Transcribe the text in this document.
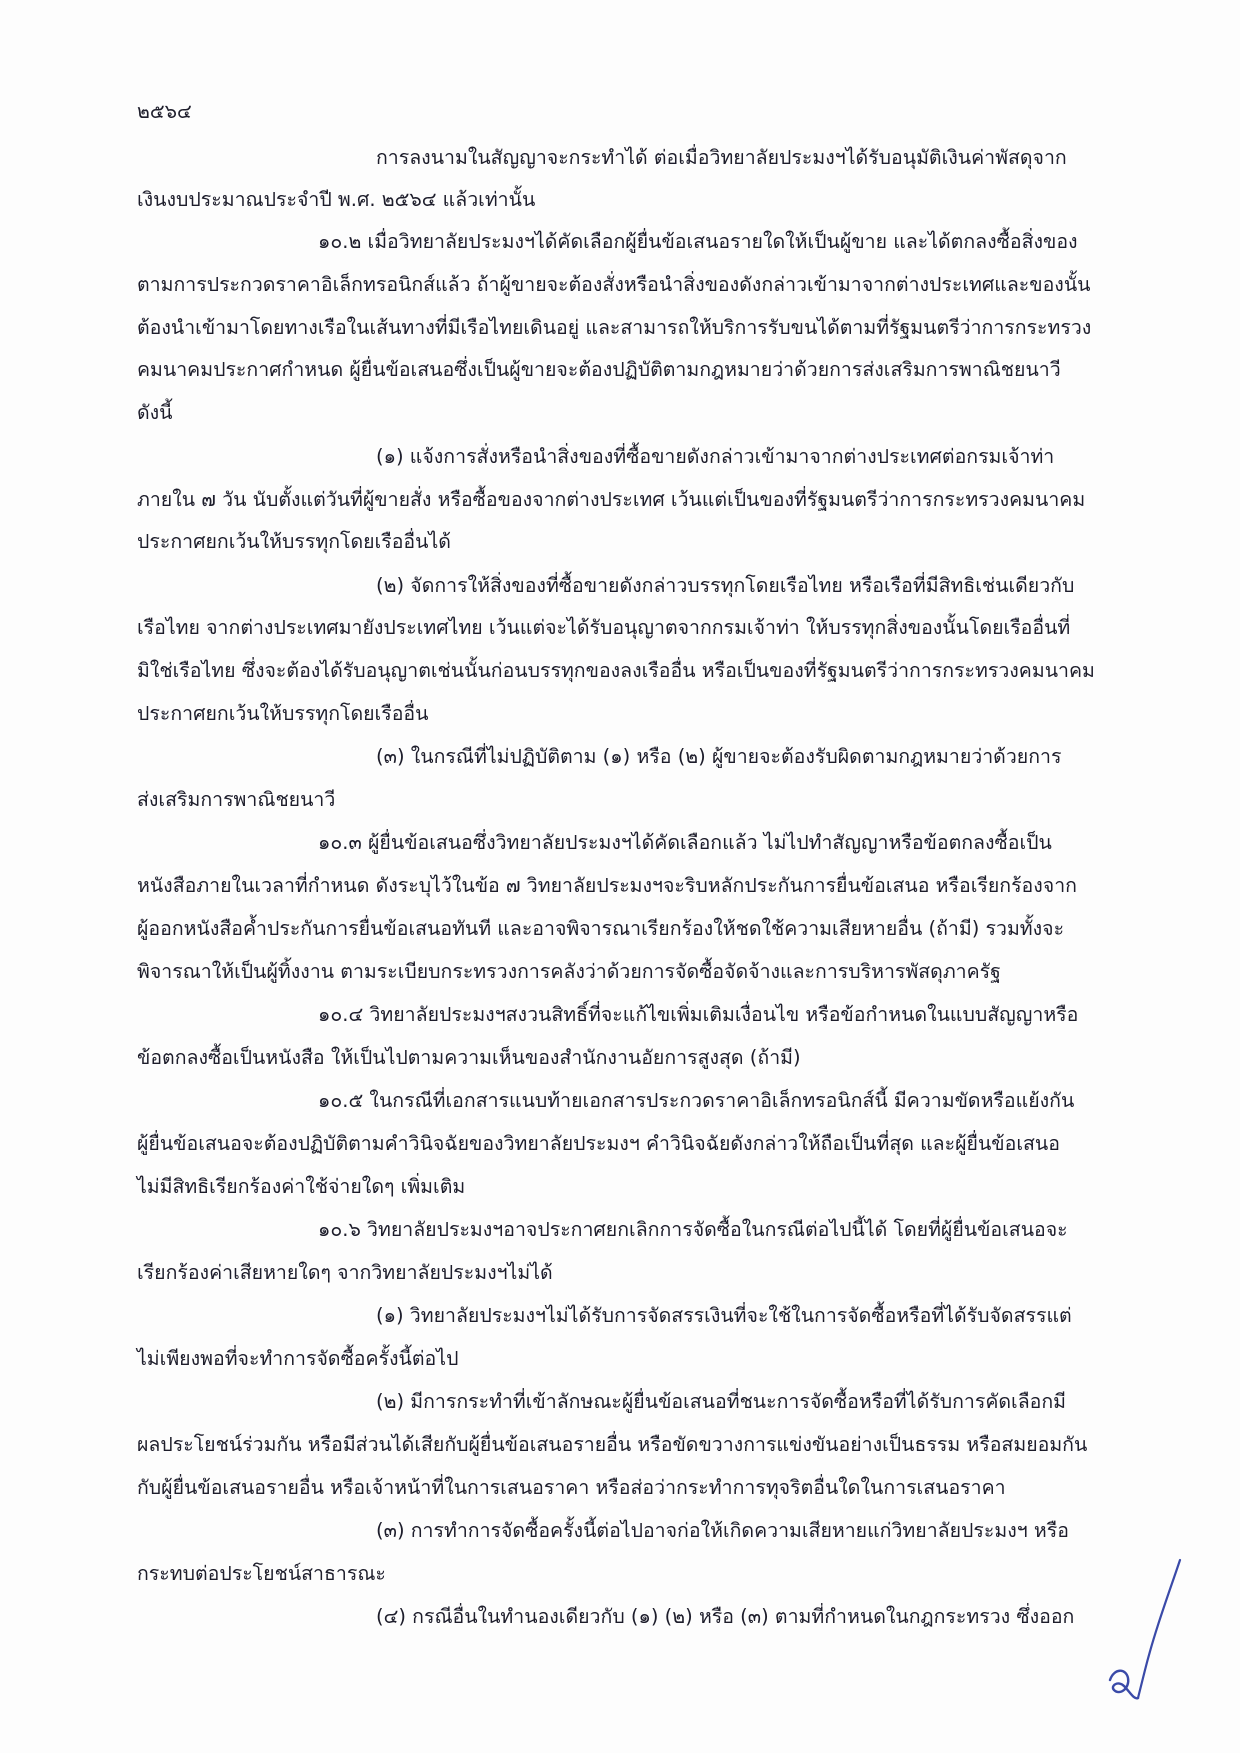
๒๕๖๔
การลงนามในสัญญาจะกระทำได้ ต่อเมื่อวิทยาลัยประมงฯได้รับอนุมัติเงินค่าพัสดุจาก
เงินงบประมาณประจำปี พ.ศ. ๒๕๖๔ แล้วเท่านั้น
๑๐.๒ เมื่อวิทยาลัยประมงฯได้คัดเลือกผู้ยื่นข้อเสนอรายใดให้เป็นผู้ขาย และได้ตกลงซื้อสิ่งของ
ตามการประกวดราคาอิเล็กทรอนิกส์แล้ว ถ้าผู้ขายจะต้องสั่งหรือนำสิ่งของดังกล่าวเข้ามาจากต่างประเทศและของนั้น
ต้องนำเข้ามาโดยทางเรือในเส้นทางที่มีเรือไทยเดินอยู่ และสามารถให้บริการรับขนได้ตามที่รัฐมนตรีว่าการกระทรวง
คมนาคมประกาศกำหนด ผู้ยื่นข้อเสนอซึ่งเป็นผู้ขายจะต้องปฏิบัติตามกฎหมายว่าด้วยการส่งเสริมการพาณิชยนาวี
ดังนี้
(๑) แจ้งการสั่งหรือนำสิ่งของที่ซื้อขายดังกล่าวเข้ามาจากต่างประเทศต่อกรมเจ้าท่า
ภายใน ๗ วัน นับตั้งแต่วันที่ผู้ขายสั่ง หรือซื้อของจากต่างประเทศ เว้นแต่เป็นของที่รัฐมนตรีว่าการกระทรวงคมนาคม
ประกาศยกเว้นให้บรรทุกโดยเรืออื่นได้
(๒) จัดการให้สิ่งของที่ซื้อขายดังกล่าวบรรทุกโดยเรือไทย หรือเรือที่มีสิทธิเช่นเดียวกับ
เรือไทย จากต่างประเทศมายังประเทศไทย เว้นแต่จะได้รับอนุญาตจากกรมเจ้าท่า ให้บรรทุกสิ่งของนั้นโดยเรืออื่นที่
มิใช่เรือไทย ซึ่งจะต้องได้รับอนุญาตเช่นนั้นก่อนบรรทุกของลงเรืออื่น หรือเป็นของที่รัฐมนตรีว่าการกระทรวงคมนาคม
ประกาศยกเว้นให้บรรทุกโดยเรืออื่น
(๓) ในกรณีที่ไม่ปฏิบัติตาม (๑) หรือ (๒) ผู้ขายจะต้องรับผิดตามกฎหมายว่าด้วยการ
ส่งเสริมการพาณิชยนาวี
๑๐.๓ ผู้ยื่นข้อเสนอซึ่งวิทยาลัยประมงฯได้คัดเลือกแล้ว ไม่ไปทำสัญญาหรือข้อตกลงซื้อเป็น
หนังสือภายในเวลาที่กำหนด ดังระบุไว้ในข้อ ๗ วิทยาลัยประมงฯจะริบหลักประกันการยื่นข้อเสนอ หรือเรียกร้องจาก
ผู้ออกหนังสือค้ำประกันการยื่นข้อเสนอทันที และอาจพิจารณาเรียกร้องให้ชดใช้ความเสียหายอื่น (ถ้ามี) รวมทั้งจะ
พิจารณาให้เป็นผู้ทิ้งงาน ตามระเบียบกระทรวงการคลังว่าด้วยการจัดซื้อจัดจ้างและการบริหารพัสดุภาครัฐ
๑๐.๔ วิทยาลัยประมงฯสงวนสิทธิ์ที่จะแก้ไขเพิ่มเติมเงื่อนไข หรือข้อกำหนดในแบบสัญญาหรือ
ข้อตกลงซื้อเป็นหนังสือ ให้เป็นไปตามความเห็นของสำนักงานอัยการสูงสุด (ถ้ามี)
๑๐.๕ ในกรณีที่เอกสารแนบท้ายเอกสารประกวดราคาอิเล็กทรอนิกส์นี้ มีความขัดหรือแย้งกัน
ผู้ยื่นข้อเสนอจะต้องปฏิบัติตามคำวินิจฉัยของวิทยาลัยประมงฯ คำวินิจฉัยดังกล่าวให้ถือเป็นที่สุด และผู้ยื่นข้อเสนอ
ไม่มีสิทธิเรียกร้องค่าใช้จ่ายใดๆ เพิ่มเติม
๑๐.๖ วิทยาลัยประมงฯอาจประกาศยกเลิกการจัดซื้อในกรณีต่อไปนี้ได้ โดยที่ผู้ยื่นข้อเสนอจะ
เรียกร้องค่าเสียหายใดๆ จากวิทยาลัยประมงฯไม่ได้
(๑) วิทยาลัยประมงฯไม่ได้รับการจัดสรรเงินที่จะใช้ในการจัดซื้อหรือที่ได้รับจัดสรรแต่
ไม่เพียงพอที่จะทำการจัดซื้อครั้งนี้ต่อไป
(๒) มีการกระทำที่เข้าลักษณะผู้ยื่นข้อเสนอที่ชนะการจัดซื้อหรือที่ได้รับการคัดเลือกมี
ผลประโยชน์ร่วมกัน หรือมีส่วนได้เสียกับผู้ยื่นข้อเสนอรายอื่น หรือขัดขวางการแข่งขันอย่างเป็นธรรม หรือสมยอมกัน
กับผู้ยื่นข้อเสนอรายอื่น หรือเจ้าหน้าที่ในการเสนอราคา หรือส่อว่ากระทำการทุจริตอื่นใดในการเสนอราคา
(๓) การทำการจัดซื้อครั้งนี้ต่อไปอาจก่อให้เกิดความเสียหายแก่วิทยาลัยประมงฯ หรือ
กระทบต่อประโยชน์สาธารณะ
(๔) กรณีอื่นในทำนองเดียวกับ (๑) (๒) หรือ (๓) ตามที่กำหนดในกฎกระทรวง ซึ่งออก
